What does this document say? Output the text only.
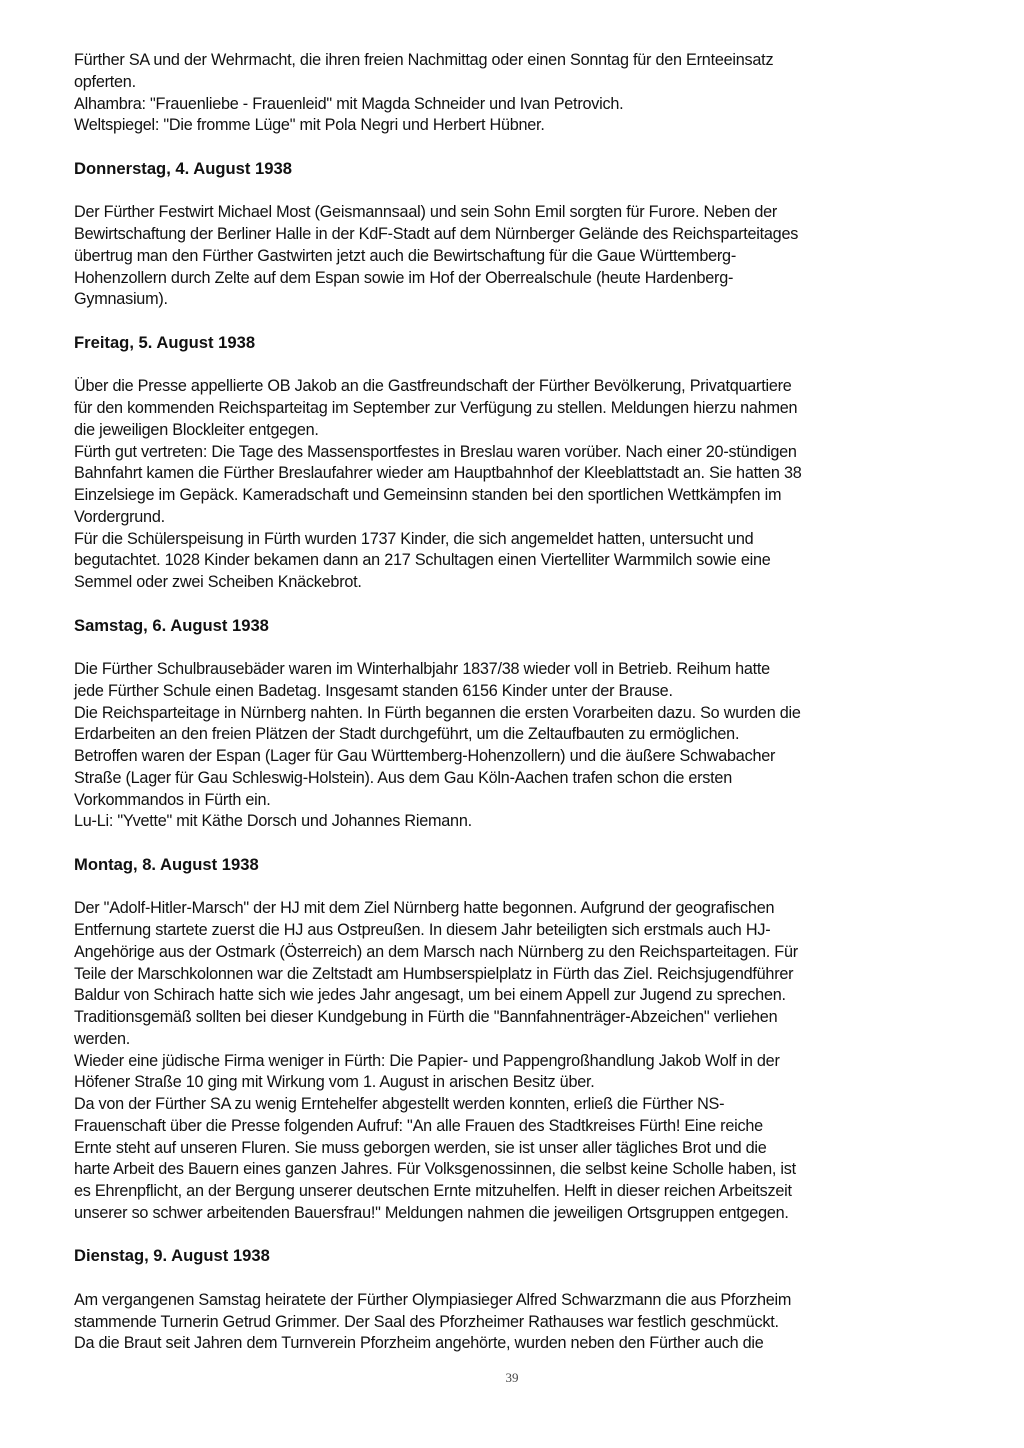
Fürther SA und der Wehrmacht, die ihren freien Nachmittag oder einen Sonntag für den Ernteeinsatz
opferten.
Alhambra: "Frauenliebe - Frauenleid" mit Magda Schneider und Ivan Petrovich.
Weltspiegel: "Die fromme Lüge" mit Pola Negri und Herbert Hübner.
Donnerstag, 4. August 1938
Der Fürther Festwirt Michael Most (Geismannsaal) und sein Sohn Emil sorgten für Furore. Neben der
Bewirtschaftung der Berliner Halle in der KdF-Stadt auf dem Nürnberger Gelände des Reichsparteitages
übertrug man den Fürther Gastwirten jetzt auch die Bewirtschaftung für die Gaue Württemberg-
Hohenzollern durch Zelte auf dem Espan sowie im Hof der Oberrealschule (heute Hardenberg-
Gymnasium).
Freitag, 5. August 1938
Über die Presse appellierte OB Jakob an die Gastfreundschaft der Fürther Bevölkerung, Privatquartiere
für den kommenden Reichsparteitag im September zur Verfügung zu stellen. Meldungen hierzu nahmen
die jeweiligen Blockleiter entgegen.
Fürth gut vertreten: Die Tage des Massensportfestes in Breslau waren vorüber. Nach einer 20-stündigen
Bahnfahrt kamen die Fürther Breslaufahrer wieder am Hauptbahnhof der Kleeblattstadt an. Sie hatten 38
Einzelsiege im Gepäck. Kameradschaft und Gemeinsinn standen bei den sportlichen Wettkämpfen im
Vordergrund.
Für die Schülerspeisung in Fürth wurden 1737 Kinder, die sich angemeldet hatten, untersucht und
begutachtet. 1028 Kinder bekamen dann an 217 Schultagen einen Viertelliter Warmmilch sowie eine
Semmel oder zwei Scheiben Knäckebrot.
Samstag, 6. August 1938
Die Fürther Schulbrausebäder waren im Winterhalbjahr 1837/38 wieder voll in Betrieb. Reihum hatte
jede Fürther Schule einen Badetag. Insgesamt standen 6156 Kinder unter der Brause.
Die Reichsparteitage in Nürnberg nahten. In Fürth begannen die ersten Vorarbeiten dazu. So wurden die
Erdarbeiten an den freien Plätzen der Stadt durchgeführt, um die Zeltaufbauten zu ermöglichen.
Betroffen waren der Espan (Lager für Gau Württemberg-Hohenzollern) und die äußere Schwabacher
Straße (Lager für Gau Schleswig-Holstein). Aus dem Gau Köln-Aachen trafen schon die ersten
Vorkommandos in Fürth ein.
Lu-Li: "Yvette" mit Käthe Dorsch und Johannes Riemann.
Montag, 8. August 1938
Der "Adolf-Hitler-Marsch" der HJ mit dem Ziel Nürnberg hatte begonnen. Aufgrund der geografischen
Entfernung startete zuerst die HJ aus Ostpreußen. In diesem Jahr beteiligten sich erstmals auch HJ-
Angehörige aus der Ostmark (Österreich) an dem Marsch nach Nürnberg zu den Reichsparteitagen. Für
Teile der Marschkolonnen war die Zeltstadt am Humbserspielplatz in Fürth das Ziel. Reichsjugendführer
Baldur von Schirach hatte sich wie jedes Jahr angesagt, um bei einem Appell zur Jugend zu sprechen.
Traditionsgemäß sollten bei dieser Kundgebung in Fürth die "Bannfahnenträger-Abzeichen" verliehen
werden.
Wieder eine jüdische Firma weniger in Fürth: Die Papier- und Pappengroßhandlung Jakob Wolf in der
Höfener Straße 10 ging mit Wirkung vom 1. August in arischen Besitz über.
Da von der Fürther SA zu wenig Erntehelfer abgestellt werden konnten, erließ die Fürther NS-
Frauenschaft über die Presse folgenden Aufruf: "An alle Frauen des Stadtkreises Fürth! Eine reiche
Ernte steht auf unseren Fluren. Sie muss geborgen werden, sie ist unser aller tägliches Brot und die
harte Arbeit des Bauern eines ganzen Jahres. Für Volksgenossinnen, die selbst keine Scholle haben, ist
es Ehrenpflicht, an der Bergung unserer deutschen Ernte mitzuhelfen. Helft in dieser reichen Arbeitszeit
unserer so schwer arbeitenden Bauersfrau!" Meldungen nahmen die jeweiligen Ortsgruppen entgegen.
Dienstag, 9. August 1938
Am vergangenen Samstag heiratete der Fürther Olympiasieger Alfred Schwarzmann die aus Pforzheim
stammende Turnerin Getrud Grimmer. Der Saal des Pforzheimer Rathauses war festlich geschmückt.
Da die Braut seit Jahren dem Turnverein Pforzheim angehörte, wurden neben den Fürther auch die
39
